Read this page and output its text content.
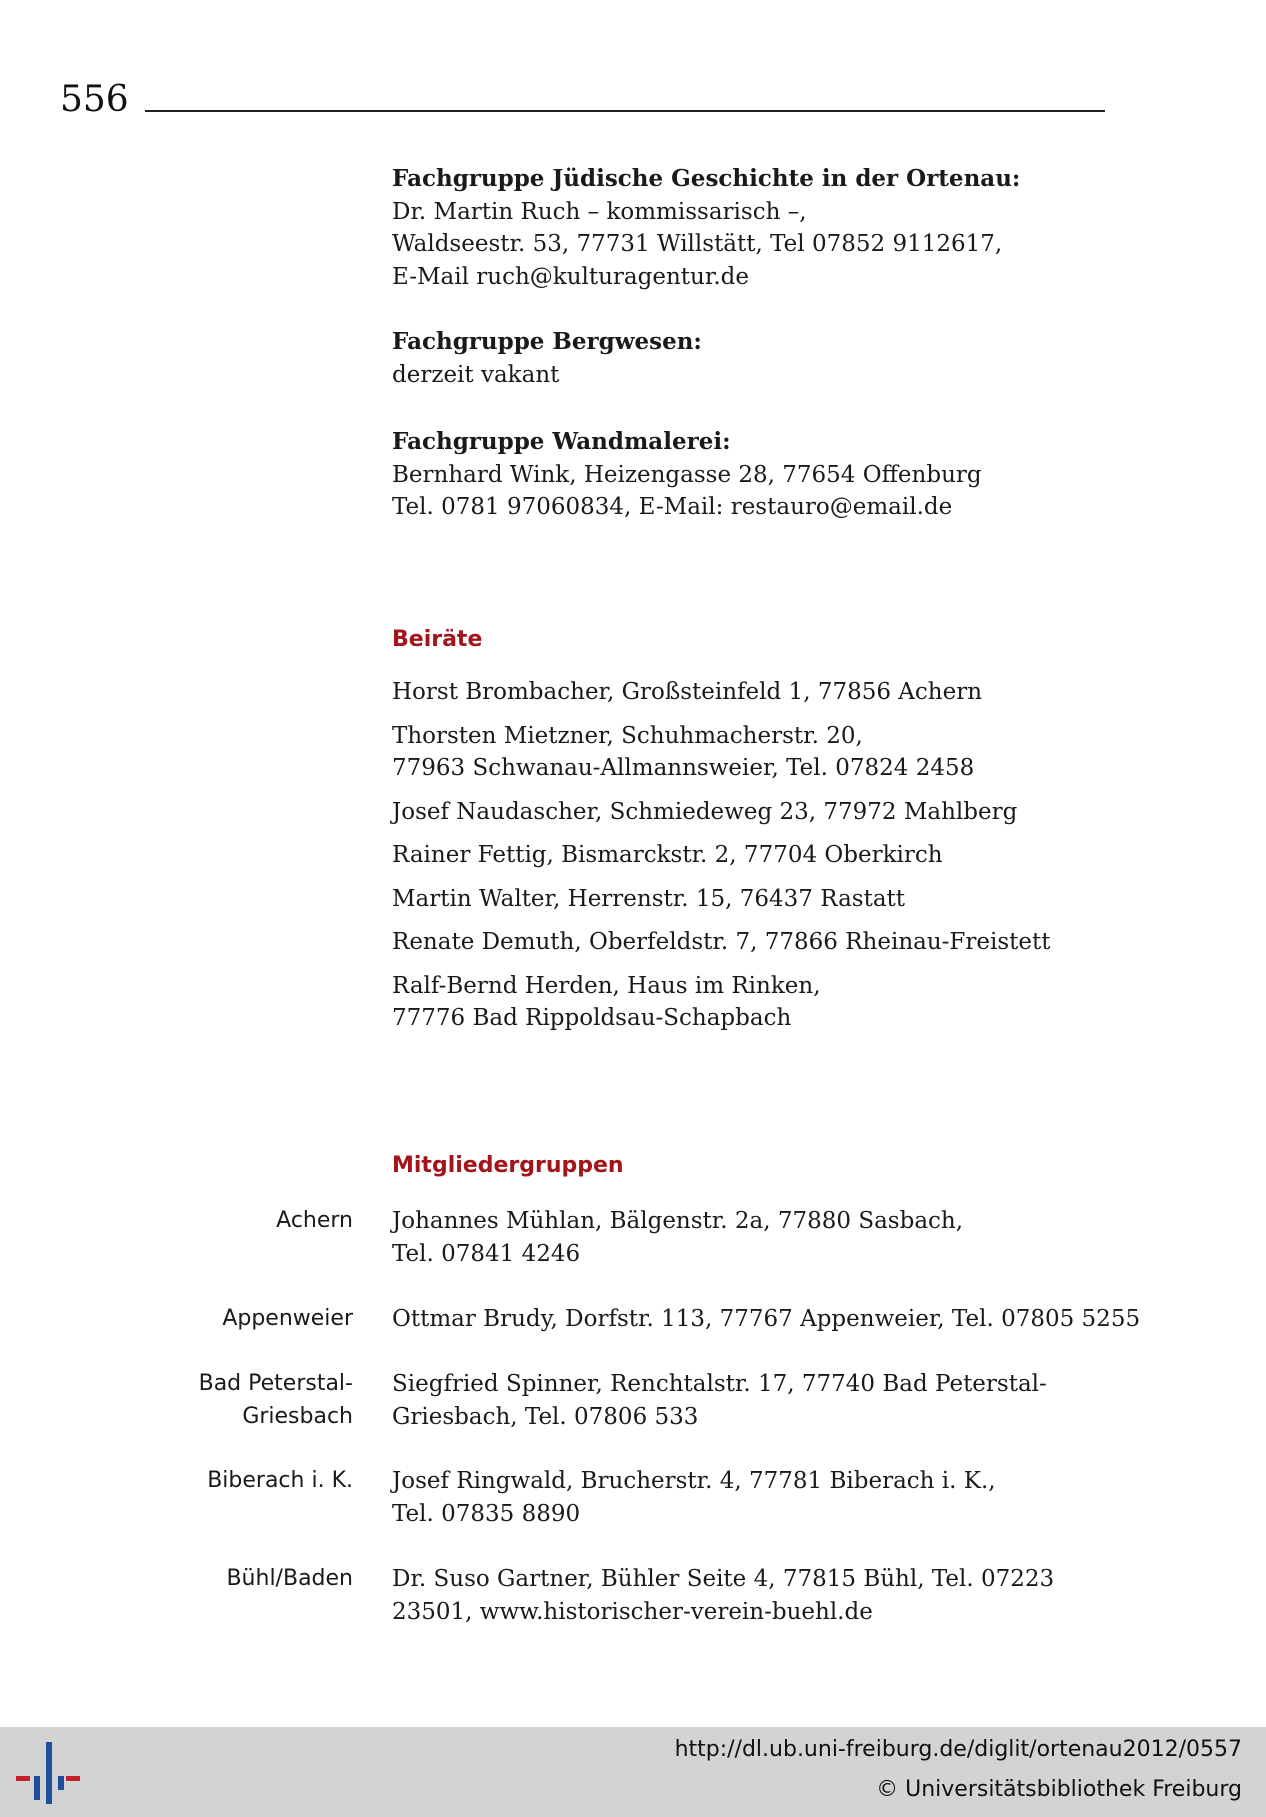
556
Fachgruppe Jüdische Geschichte in der Ortenau:
Dr. Martin Ruch – kommissarisch –,
Waldseestr. 53, 77731 Willstätt, Tel 07852 9112617,
E-Mail ruch@kulturagentur.de
Fachgruppe Bergwesen:
derzeit vakant
Fachgruppe Wandmalerei:
Bernhard Wink, Heizengasse 28, 77654 Offenburg
Tel. 0781 97060834, E-Mail: restauro@email.de
Beiräte
Horst Brombacher, Großsteinfeld 1, 77856 Achern
Thorsten Mietzner, Schuhmacherstr. 20,
77963 Schwanau-Allmannsweier, Tel. 07824 2458
Josef Naudascher, Schmiedeweg 23, 77972 Mahlberg
Rainer Fettig, Bismarckstr. 2, 77704 Oberkirch
Martin Walter, Herrenstr. 15, 76437 Rastatt
Renate Demuth, Oberfeldstr. 7, 77866 Rheinau-Freistett
Ralf-Bernd Herden, Haus im Rinken,
77776 Bad Rippoldsau-Schapbach
Mitgliedergruppen
Achern Johannes Mühlan, Bälgenstr. 2a, 77880 Sasbach,
Tel. 07841 4246
Appenweier Ottmar Brudy, Dorfstr. 113, 77767 Appenweier, Tel. 07805 5255
Bad Peterstal-
Griesbach
Siegfried Spinner, Renchtalstr. 17, 77740 Bad Peterstal-
Griesbach, Tel. 07806 533
Biberach i. K. Josef Ringwald, Brucherstr. 4, 77781 Biberach i. K.,
Tel. 07835 8890
Bühl/Baden Dr. Suso Gartner, Bühler Seite 4, 77815 Bühl, Tel. 07223
23501, www.historischer-verein-buehl.de
http://dl.ub.uni-freiburg.de/diglit/ortenau2012/0557
© Universitätsbibliothek Freiburg
